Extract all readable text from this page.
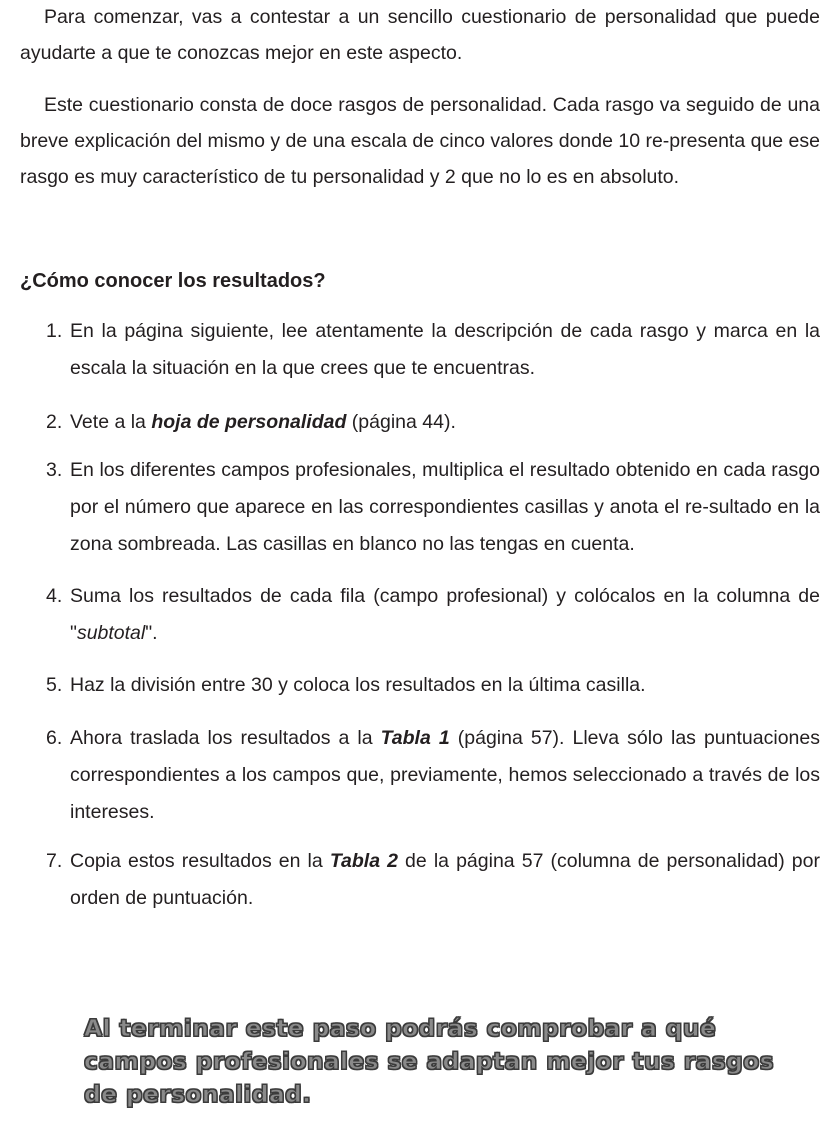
Para comenzar, vas a contestar a un sencillo cuestionario de personalidad que puede ayudarte a que te conozcas mejor en este aspecto.

Este cuestionario consta de doce rasgos de personalidad. Cada rasgo va seguido de una breve explicación del mismo y de una escala de cinco valores donde 10 re-presenta que ese rasgo es muy característico de tu personalidad y 2 que no lo es en absoluto.

¿Cómo conocer los resultados?
1. En la página siguiente, lee atentamente la descripción de cada rasgo y marca en la escala la situación en la que crees que te encuentras.
2. Vete a la hoja de personalidad (página 44).
3. En los diferentes campos profesionales, multiplica el resultado obtenido en cada rasgo por el número que aparece en las correspondientes casillas y anota el re-sultado en la zona sombreada. Las casillas en blanco no las tengas en cuenta.
4. Suma los resultados de cada fila (campo profesional) y colócalos en la columna de "subtotal".
5. Haz la división entre 30 y coloca los resultados en la última casilla.
6. Ahora traslada los resultados a la Tabla 1 (página 57). Lleva sólo las puntuaciones correspondientes a los campos que, previamente, hemos seleccionado a través de los intereses.
7. Copia estos resultados en la Tabla 2 de la página 57 (columna de personalidad) por orden de puntuación.

Al terminar este paso podrás comprobar a qué campos profesionales se adaptan mejor tus rasgos de personalidad.
